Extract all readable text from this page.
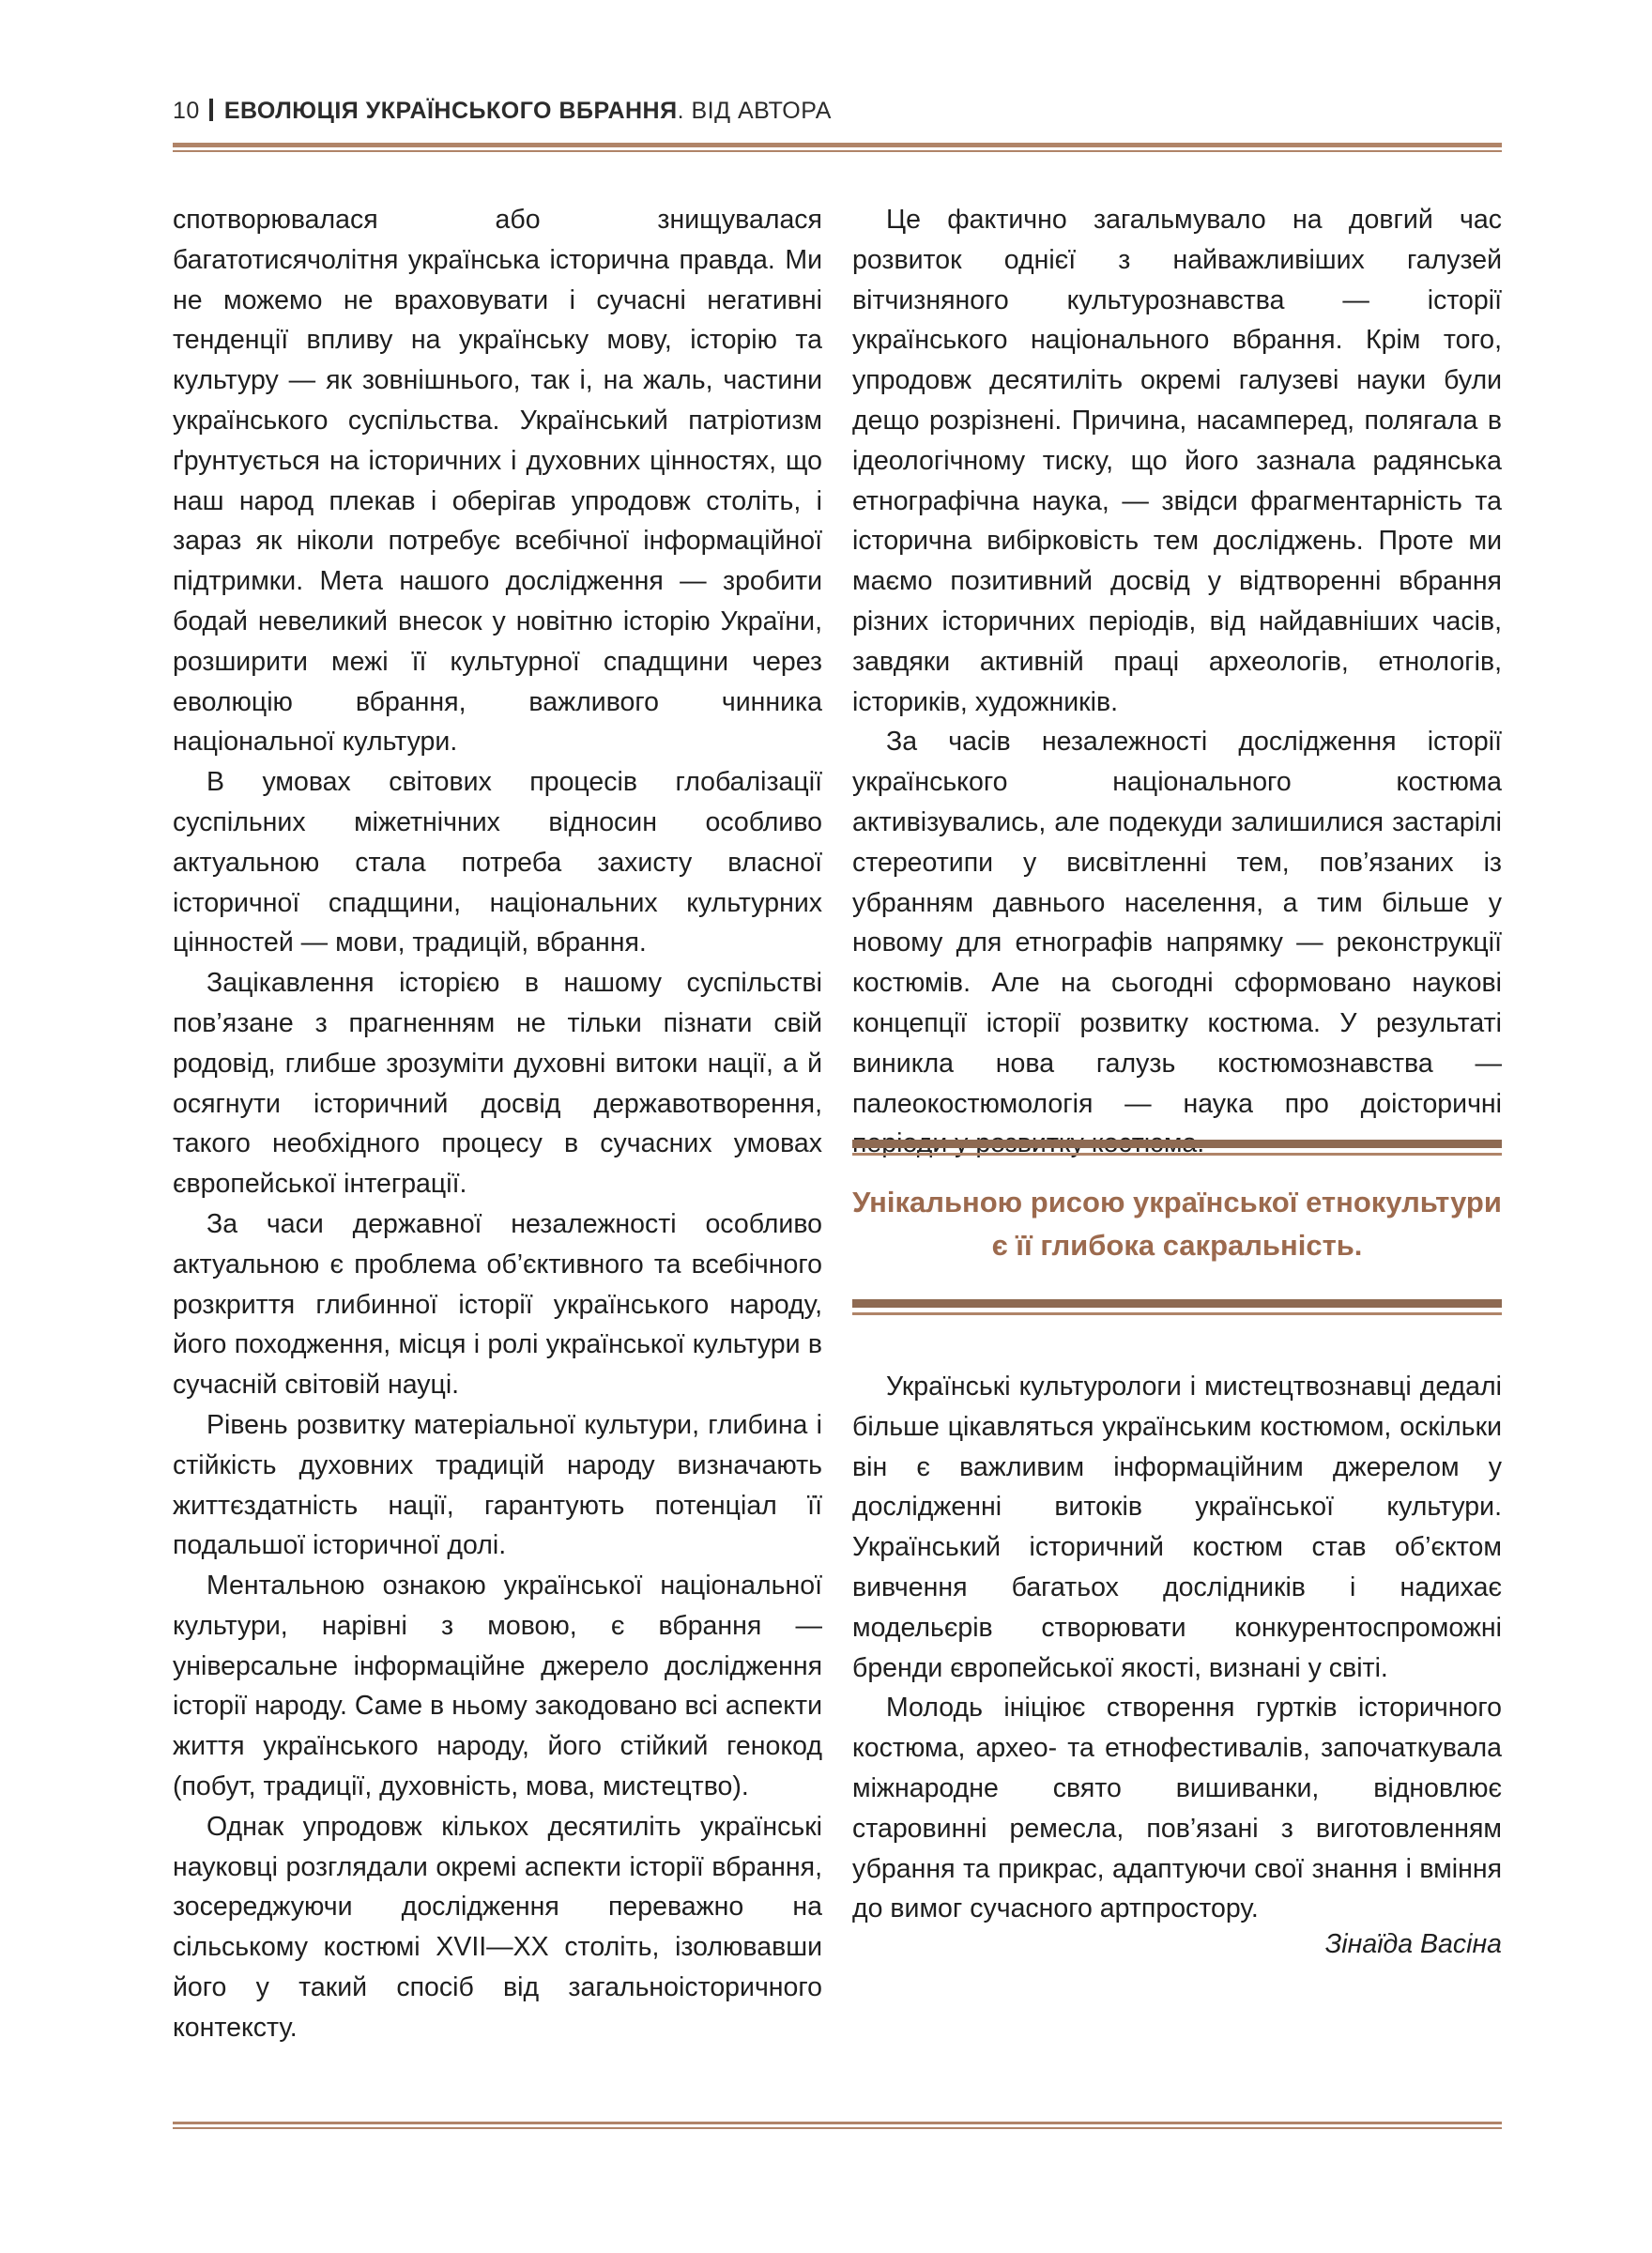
10 ЕВОЛЮЦІЯ УКРАЇНСЬКОГО ВБРАННЯ. ВІД АВТОРА

спотворювалася або знищувалася багатотисячолітня українська історична правда. Ми не можемо не враховувати і сучасні негативні тенденції впливу на українську мову, історію та культуру — як зовнішнього, так і, на жаль, частини українського суспільства. Український патріотизм ґрунтується на історичних і духовних цінностях, що наш народ плекав і оберігав упродовж століть, і зараз як ніколи потребує всебічної інформаційної підтримки. Мета нашого дослідження — зробити бодай невеликий внесок у новітню історію України, розширити межі її культурної спадщини через еволюцію вбрання, важливого чинника національної культури.

В умовах світових процесів глобалізації суспільних міжетнічних відносин особливо актуальною стала потреба захисту власної історичної спадщини, національних культурних цінностей — мови, традицій, вбрання.

Зацікавлення історією в нашому суспільстві пов’язане з прагненням не тільки пізнати свій родовід, глибше зрозуміти духовні витоки нації, а й осягнути історичний досвід державотворення, такого необхідного процесу в сучасних умовах європейської інтеграції.

За часи державної незалежності особливо актуальною є проблема об’єктивного та всебічного розкриття глибинної історії українського народу, його походження, місця і ролі української культури в сучасній світовій науці.

Рівень розвитку матеріальної культури, глибина і стійкість духовних традицій народу визначають життєздатність нації, гарантують потенціал її подальшої історичної долі.

Ментальною ознакою української національної культури, нарівні з мовою, є вбрання — універсальне інформаційне джерело дослідження історії народу. Саме в ньому закодовано всі аспекти життя українського народу, його стійкий генокод (побут, традиції, духовність, мова, мистецтво).

Однак упродовж кількох десятиліть українські науковці розглядали окремі аспекти історії вбрання, зосереджуючи дослідження переважно на сільському костюмі XVII—XX століть, ізолювавши його у такий спосіб від загальноісторичного контексту.

Це фактично загальмувало на довгий час розвиток однієї з найважливіших галузей вітчизняного культурознавства — історії українського національного вбрання. Крім того, упродовж десятиліть окремі галузеві науки були дещо розрізнені. Причина, насамперед, полягала в ідеологічному тиску, що його зазнала радянська етнографічна наука, — звідси фрагментарність та історична вибірковість тем досліджень. Проте ми маємо позитивний досвід у відтворенні вбрання різних історичних періодів, від найдавніших часів, завдяки активній праці археологів, етнологів, істориків, художників.

За часів незалежності дослідження історії українського національного костюма активізувались, але подекуди залишилися застарілі стереотипи у висвітленні тем, пов’язаних із убранням давнього населення, а тим більше у новому для етнографів напрямку — реконструкції костюмів. Але на сьогодні сформовано наукові концепції історії розвитку костюма. У результаті виникла нова галузь костюмознавства — палеокостюмологія — наука про доісторичні

Унікальною рисою української етнокультури
є її глибока сакральність.

Українські культурологи і мистецтвознавці дедалі більше цікавляться українським костюмом, оскільки він є важливим інформаційним джерелом у дослідженні витоків української культури. Український історичний костюм став об’єктом вивчення багатьох дослідників і надихає модельєрів створювати конкурентоспроможні бренди європейської якості, визнані у світі.

Молодь ініціює створення гуртків історичного костюма, архео- та етнофестивалів, започаткувала міжнародне свято вишиванки, відновлює старовинні ремесла, пов’язані з виготовленням убрання та прикрас, адаптуючи свої знання і вміння до вимог сучасного артпростору.

Зінаїда Васіна
